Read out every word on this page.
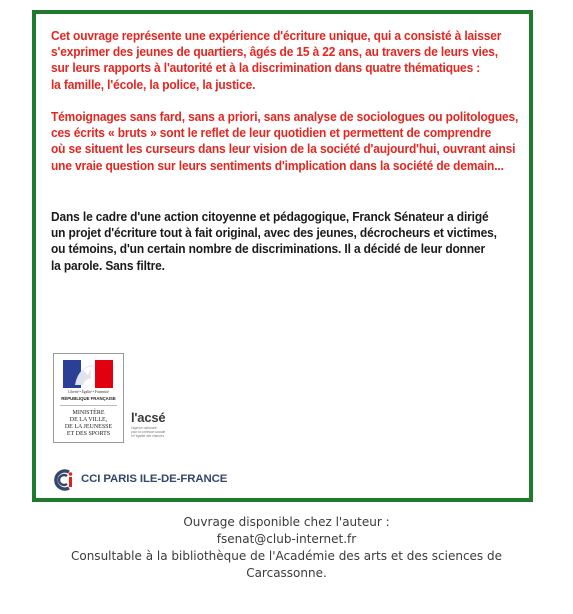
Cet ouvrage représente une expérience d'écriture unique, qui a consisté à laisser
s'exprimer des jeunes de quartiers, âgés de 15 à 22 ans, au travers de leurs vies,
sur leurs rapports à l'autorité et à la discrimination dans quatre thématiques :
la famille, l'école, la police, la justice.

Témoignages sans fard, sans a priori, sans analyse de sociologues ou politologues,
ces écrits « bruts » sont le reflet de leur quotidien et permettent de comprendre
où se situent les curseurs dans leur vision de la société d'aujourd'hui, ouvrant ainsi
une vraie question sur leurs sentiments d'implication dans la société de demain...

Dans le cadre d'une action citoyenne et pédagogique, Franck Sénateur a dirigé
un projet d'écriture tout à fait original, avec des jeunes, décrocheurs et victimes,
ou témoins, d'un certain nombre de discriminations. Il a décidé de leur donner
la parole. Sans filtre.

Liberté • Égalité • Fraternité
RÉPUBLIQUE FRANÇAISE
MINISTÈRE
DE LA VILLE,
DE LA JEUNESSE
ET DES SPORTS
l'acsé
l'agence nationale
pour la cohésion sociale
et l'égalité des chances
CCI PARIS ILE-DE-FRANCE
Ouvrage disponible chez l'auteur :
fsenat@club-internet.fr
Consultable à la bibliothèque de l'Académie des arts et des sciences de
Carcassonne.
